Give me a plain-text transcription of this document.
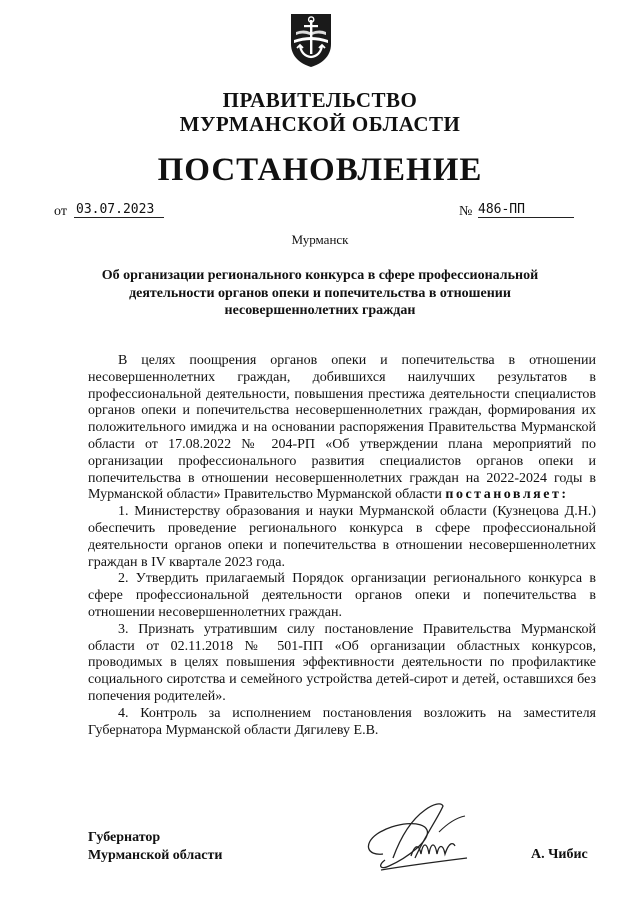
ПРАВИТЕЛЬСТВО
МУРМАНСКОЙ ОБЛАСТИ
ПОСТАНОВЛЕНИЕ
от 03.07.2023	№ 486-ПП
Мурманск
Об организации регионального конкурса в сфере профессиональной деятельности органов опеки и попечительства в отношении несовершеннолетних граждан

В целях поощрения органов опеки и попечительства в отношении несовершеннолетних граждан, добившихся наилучших результатов в профессиональной деятельности, повышения престижа деятельности специалистов органов опеки и попечительства несовершеннолетних граждан, формирования их положительного имиджа и на основании распоряжения Правительства Мурманской области от 17.08.2022 № 204-РП «Об утверждении плана мероприятий по организации профессионального развития специалистов органов опеки и попечительства в отношении несовершеннолетних граждан на 2022-2024 годы в Мурманской области» Правительство Мурманской области постановляет:

1. Министерству образования и науки Мурманской области (Кузнецова Д.Н.) обеспечить проведение регионального конкурса в сфере профессиональной деятельности органов опеки и попечительства в отношении несовершеннолетних граждан в IV квартале 2023 года.

2. Утвердить прилагаемый Порядок организации регионального конкурса в сфере профессиональной деятельности органов опеки и попечительства в отношении несовершеннолетних граждан.

3. Признать утратившим силу постановление Правительства Мурманской области от 02.11.2018 № 501-ПП «Об организации областных конкурсов, проводимых в целях повышения эффективности деятельности по профилактике социального сиротства и семейного устройства детей-сирот и детей, оставшихся без попечения родителей».

4. Контроль за исполнением постановления возложить на заместителя Губернатора Мурманской области Дягилеву Е.В.

Губернатор
Мурманской области	А. Чибис
